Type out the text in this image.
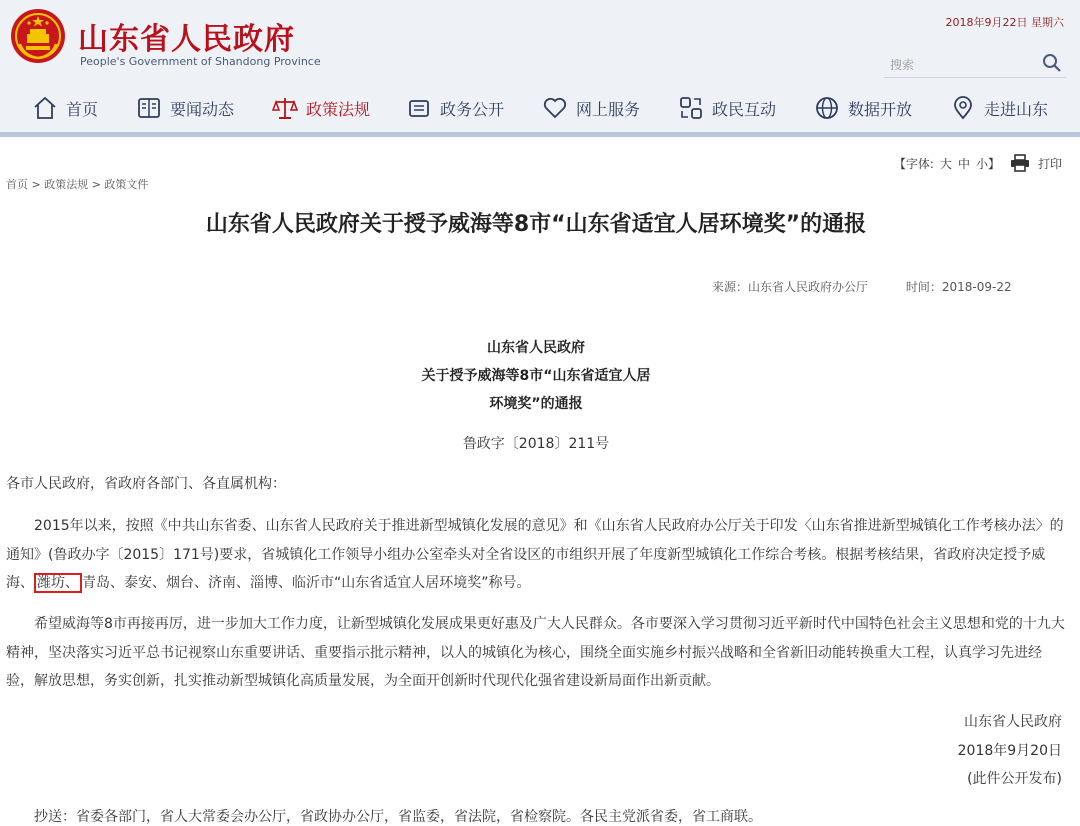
山东省人民政府
People's Government of Shandong Province
2018年9月22日 星期六
搜索
首页	要闻动态	政策法规	政务公开	网上服务	政民互动	数据开放	走进山东
【字体: 大 中 小 】	打印
首页 > 政策法规 > 政策文件
山东省人民政府关于授予威海等8市“山东省适宜人居环境奖”的通报
来源：山东省人民政府办公厅	时间：2018-09-22
山东省人民政府
关于授予威海等8市“山东省适宜人居
环境奖”的通报
鲁政字〔2018〕211号
各市人民政府，省政府各部门、各直属机构：
2015年以来，按照《中共山东省委、山东省人民政府关于推进新型城镇化发展的意见》和《山东省人民政府办公厅关于印发〈山东省推进新型城镇化工作考核办法〉的通知》(鲁政办字〔2015〕171号)要求，省城镇化工作领导小组办公室牵头对全省设区的市组织开展了年度新型城镇化工作综合考核。根据考核结果，省政府决定授予威海、 潍坊、 青岛、泰安、烟台、济南、淄博、临沂市“山东省适宜人居环境奖”称号。
希望威海等8市再接再厉，进一步加大工作力度，让新型城镇化发展成果更好惠及广大人民群众。各市要深入学习贯彻习近平新时代中国特色社会主义思想和党的十九大精神，坚决落实习近平总书记视察山东重要讲话、重要指示批示精神，以人的城镇化为核心，围绕全面实施乡村振兴战略和全省新旧动能转换重大工程，认真学习先进经验，解放思想，务实创新，扎实推动新型城镇化高质量发展，为全面开创新时代现代化强省建设新局面作出新贡献。
山东省人民政府
2018年9月20日
(此件公开发布)
抄送：省委各部门，省人大常委会办公厅，省政协办公厅，省监委，省法院，省检察院。各民主党派省委，省工商联。
